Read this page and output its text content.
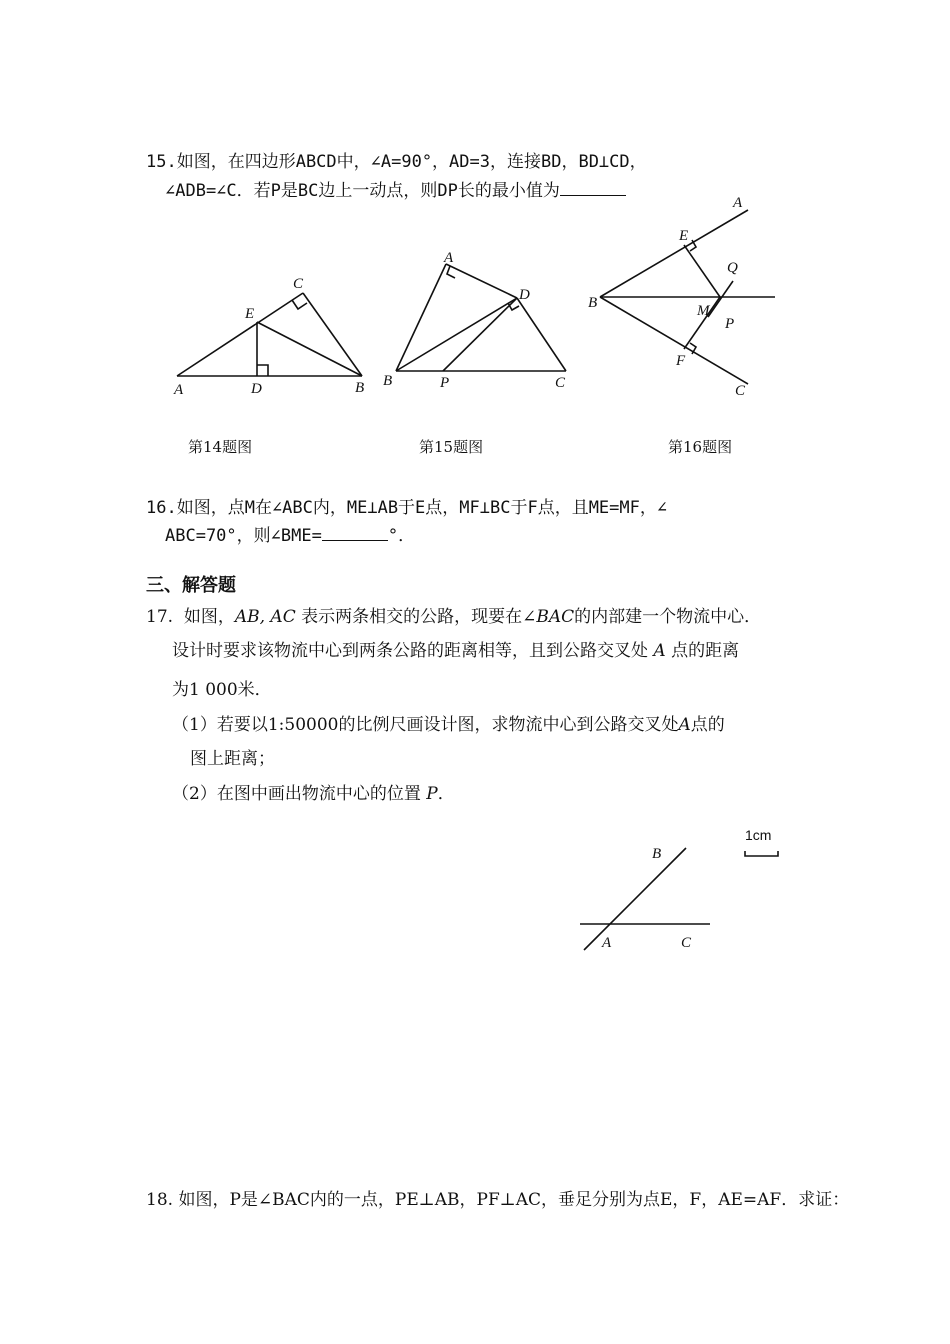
15.如图，在四边形ABCD中，∠A=90°，AD=3，连接BD，BD⊥CD，
∠ADB=∠C．若P是BC边上一动点，则DP长的最小值为
A	B
C
D
E
A
B	C
D
P
A
B
C
E
F
M
P
Q
第14题图	第15题图	第16题图
16.如图，点M在∠ABC内，ME⊥AB于E点，MF⊥BC于F点，且ME=MF，∠
ABC=70°，则∠BME=	°．
三、解答题
17. 如图，AB, AC 表示两条相交的公路，现要在∠BAC的内部建一个物流中心．
设计时要求该物流中心到两条公路的距离相等，且到公路交叉处 A 点的距离
为1 000米．
（1）若要以1:50000的比例尺画设计图，求物流中心到公路交叉处A点的
图上距离；
（2）在图中画出物流中心的位置 P．
B
A	C
1cm
18. 如图，P是∠BAC内的一点，PE⊥AB，PF⊥AC，垂足分别为点E，F，AE=AF．求证：
